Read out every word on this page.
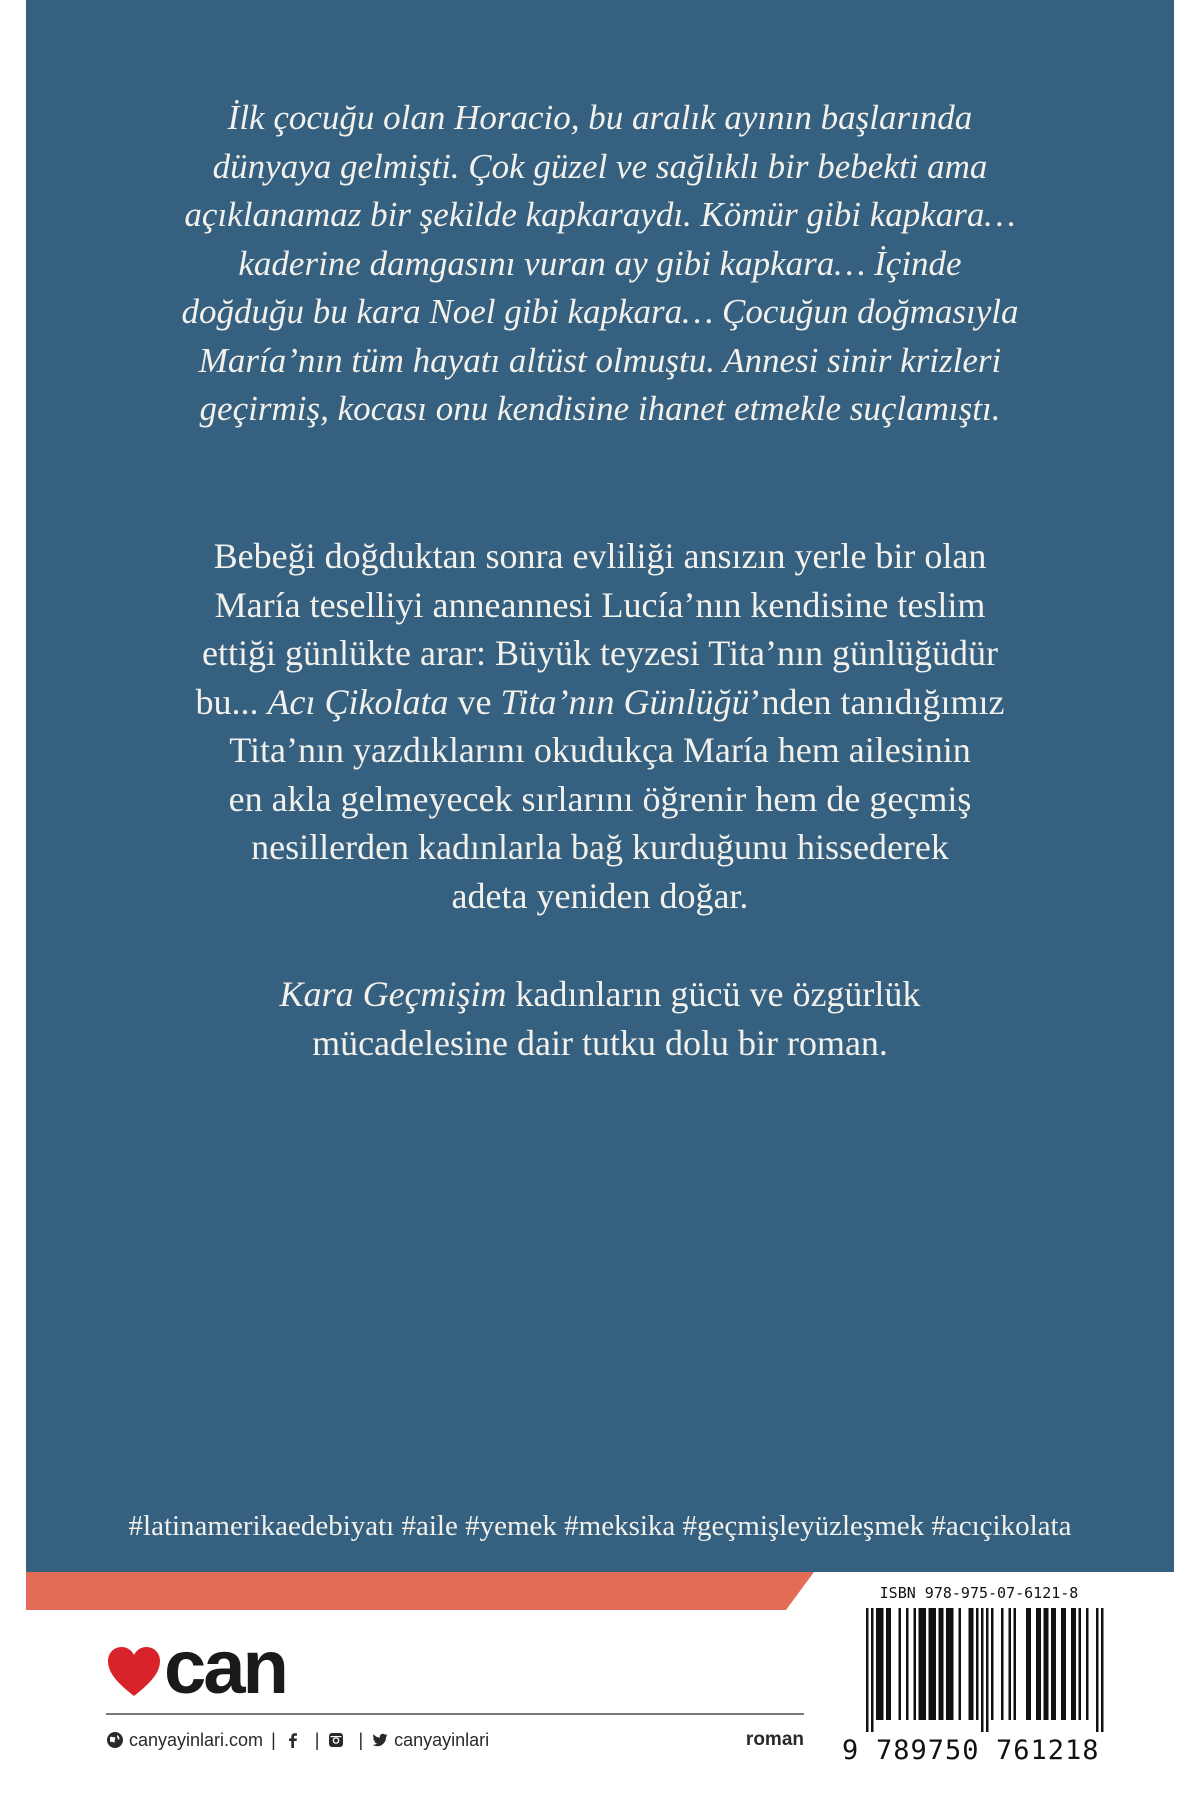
İlk çocuğu olan Horacio, bu aralık ayının başlarında
dünyaya gelmişti. Çok güzel ve sağlıklı bir bebekti ama
açıklanamaz bir şekilde kapkaraydı. Kömür gibi kapkara…
kaderine damgasını vuran ay gibi kapkara… İçinde
doğduğu bu kara Noel gibi kapkara… Çocuğun doğmasıyla
María’nın tüm hayatı altüst olmuştu. Annesi sinir krizleri
geçirmiş, kocası onu kendisine ihanet etmekle suçlamıştı.
Bebeği doğduktan sonra evliliği ansızın yerle bir olan
María teselliyi anneannesi Lucía’nın kendisine teslim
ettiği günlükte arar: Büyük teyzesi Tita’nın günlüğüdür
bu... Acı Çikolata ve Tita’nın Günlüğü’nden tanıdığımız
Tita’nın yazdıklarını okudukça María hem ailesinin
en akla gelmeyecek sırlarını öğrenir hem de geçmiş
nesillerden kadınlarla bağ kurduğunu hissederek
adeta yeniden doğar.
Kara Geçmişim kadınların gücü ve özgürlük
mücadelesine dair tutku dolu bir roman.
#latinamerikaedebiyatı #aile #yemek #meksika #geçmişleyüzleşmek #acıçikolata
can
canyayinlari.com | | | canyayinlari	roman
ISBN 978-975-07-6121-8
9 789750 761218
